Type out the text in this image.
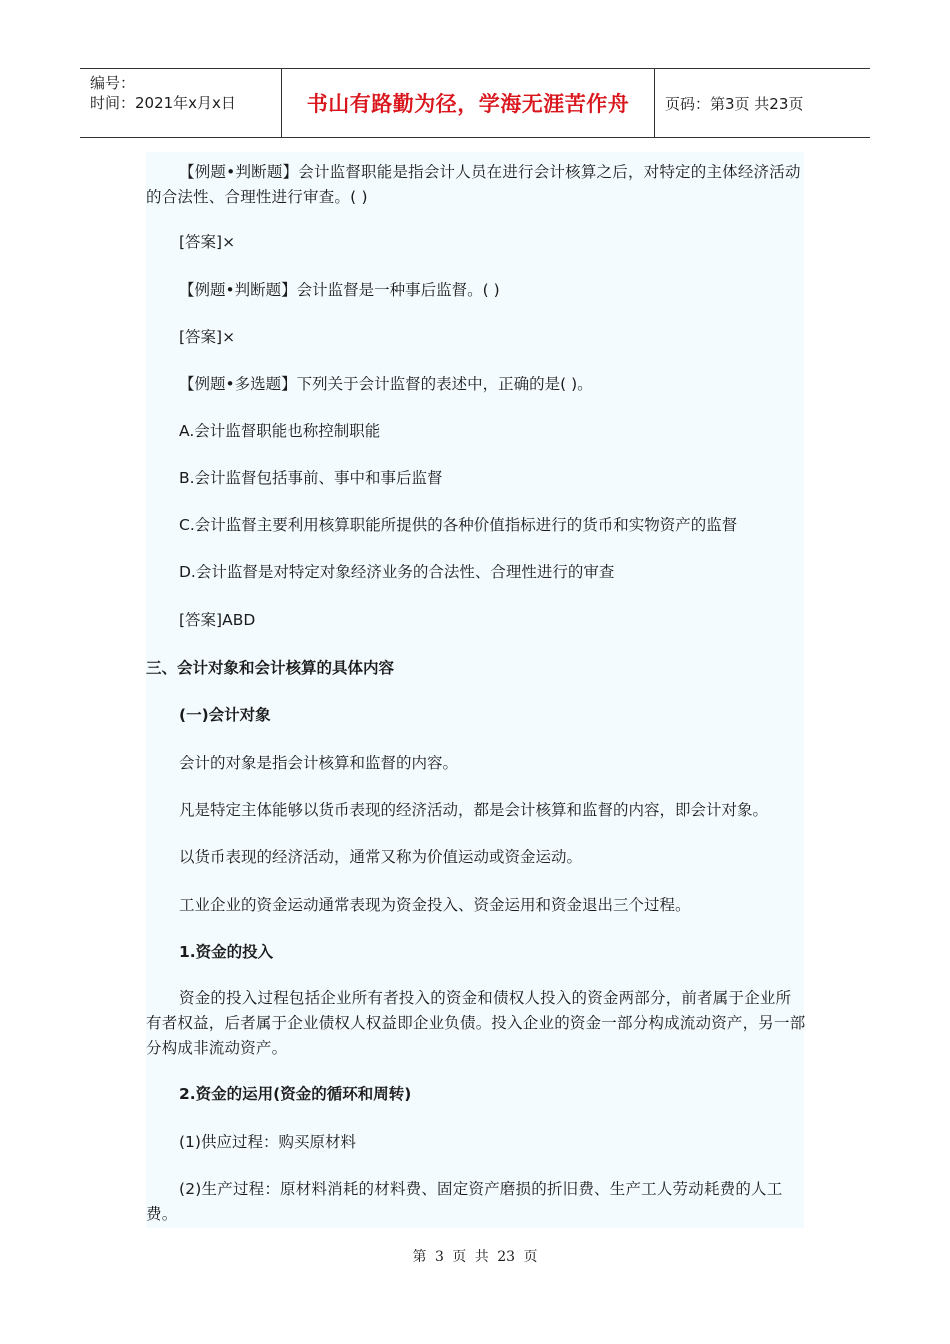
编号：
时间：2021年x月x日	书山有路勤为径，学海无涯苦作舟	页码：第3页 共23页
【例题•判断题】会计监督职能是指会计人员在进行会计核算之后，对特定的主体经济活动的合法性、合理性进行审查。( )
[答案]×
【例题•判断题】会计监督是一种事后监督。( )
[答案]×
【例题•多选题】下列关于会计监督的表述中，正确的是( )。
A.会计监督职能也称控制职能
B.会计监督包括事前、事中和事后监督
C.会计监督主要利用核算职能所提供的各种价值指标进行的货币和实物资产的监督
D.会计监督是对特定对象经济业务的合法性、合理性进行的审查
[答案]ABD
三、会计对象和会计核算的具体内容
(一)会计对象
会计的对象是指会计核算和监督的内容。
凡是特定主体能够以货币表现的经济活动，都是会计核算和监督的内容，即会计对象。
以货币表现的经济活动，通常又称为价值运动或资金运动。
工业企业的资金运动通常表现为资金投入、资金运用和资金退出三个过程。
1.资金的投入
资金的投入过程包括企业所有者投入的资金和债权人投入的资金两部分，前者属于企业所有者权益，后者属于企业债权人权益即企业负债。投入企业的资金一部分构成流动资产，另一部分构成非流动资产。
2.资金的运用(资金的循环和周转)
(1)供应过程：购买原材料
(2)生产过程：原材料消耗的材料费、固定资产磨损的折旧费、生产工人劳动耗费的人工费。
第 3 页 共 23 页
